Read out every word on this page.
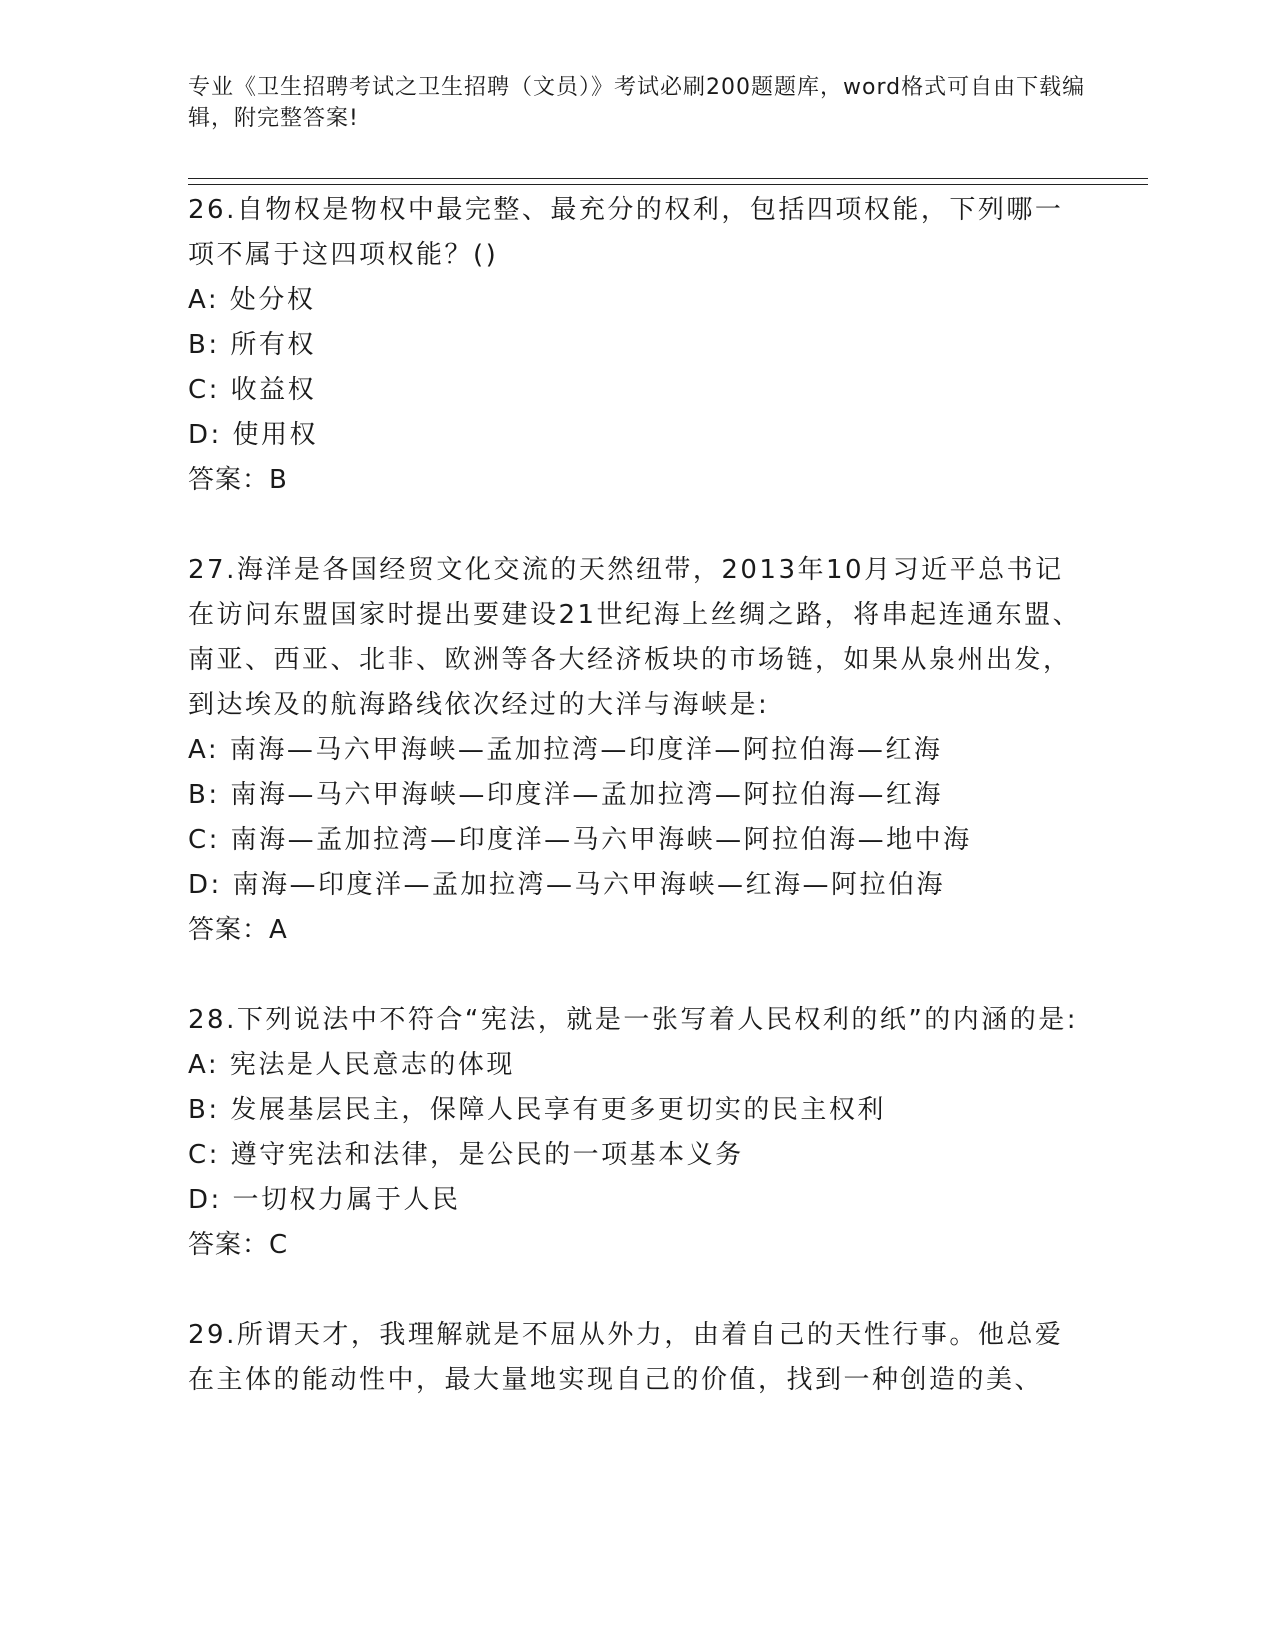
专业《卫生招聘考试之卫生招聘（文员）》考试必刷200题题库，word格式可自由下载编辑，附完整答案!

26.自物权是物权中最完整、最充分的权利，包括四项权能，下列哪一项不属于这四项权能？()

A: 处分权

B: 所有权

C: 收益权

D: 使用权

答案：B

27.海洋是各国经贸文化交流的天然纽带，2013年10月习近平总书记在访问东盟国家时提出要建设21世纪海上丝绸之路，将串起连通东盟、南亚、西亚、北非、欧洲等各大经济板块的市场链，如果从泉州出发，到达埃及的航海路线依次经过的大洋与海峡是:

A: 南海—马六甲海峡—孟加拉湾—印度洋—阿拉伯海—红海

B: 南海—马六甲海峡—印度洋—孟加拉湾—阿拉伯海—红海

C: 南海—孟加拉湾—印度洋—马六甲海峡—阿拉伯海—地中海

D: 南海—印度洋—孟加拉湾—马六甲海峡—红海—阿拉伯海

答案：A

28.下列说法中不符合“宪法，就是一张写着人民权利的纸”的内涵的是:

A: 宪法是人民意志的体现

B: 发展基层民主，保障人民享有更多更切实的民主权利

C: 遵守宪法和法律，是公民的一项基本义务

D: 一切权力属于人民

答案：C

29.所谓天才，我理解就是不屈从外力，由着自己的天性行事。他总爱在主体的能动性中，最大量地实现自己的价值，找到一种创造的美、
